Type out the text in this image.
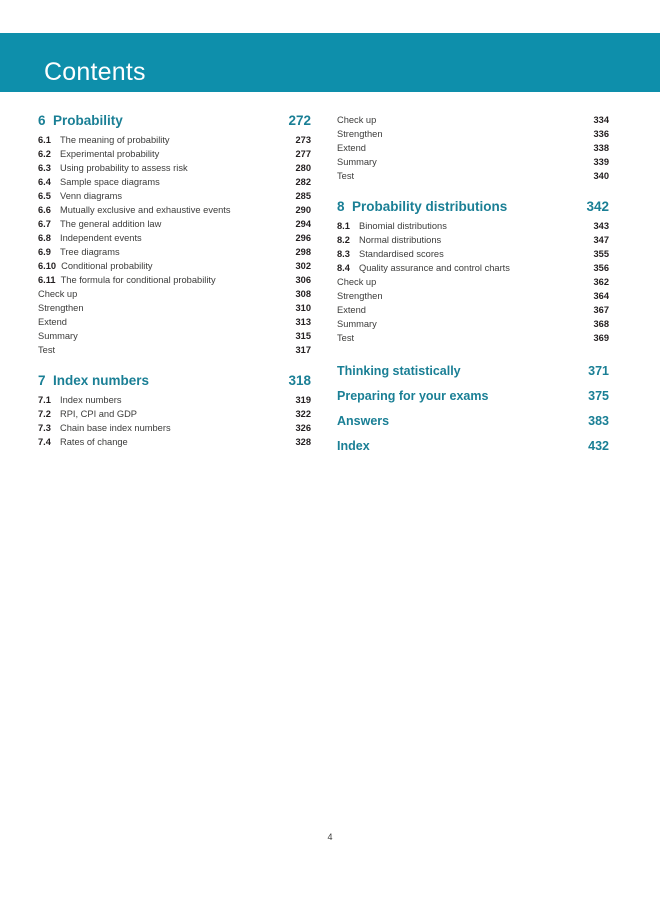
Contents
6 Probability	272
6.1 The meaning of probability	273
6.2 Experimental probability	277
6.3 Using probability to assess risk	280
6.4 Sample space diagrams	282
6.5 Venn diagrams	285
6.6 Mutually exclusive and exhaustive events	290
6.7 The general addition law	294
6.8 Independent events	296
6.9 Tree diagrams	298
6.10 Conditional probability	302
6.11 The formula for conditional probability	306
Check up	308
Strengthen	310
Extend	313
Summary	315
Test	317
7 Index numbers	318
7.1 Index numbers	319
7.2 RPI, CPI and GDP	322
7.3 Chain base index numbers	326
7.4 Rates of change	328
Check up	334
Strengthen	336
Extend	338
Summary	339
Test	340
8 Probability distributions	342
8.1 Binomial distributions	343
8.2 Normal distributions	347
8.3 Standardised scores	355
8.4 Quality assurance and control charts	356
Check up	362
Strengthen	364
Extend	367
Summary	368
Test	369
Thinking statistically	371
Preparing for your exams	375
Answers	383
Index	432
4
